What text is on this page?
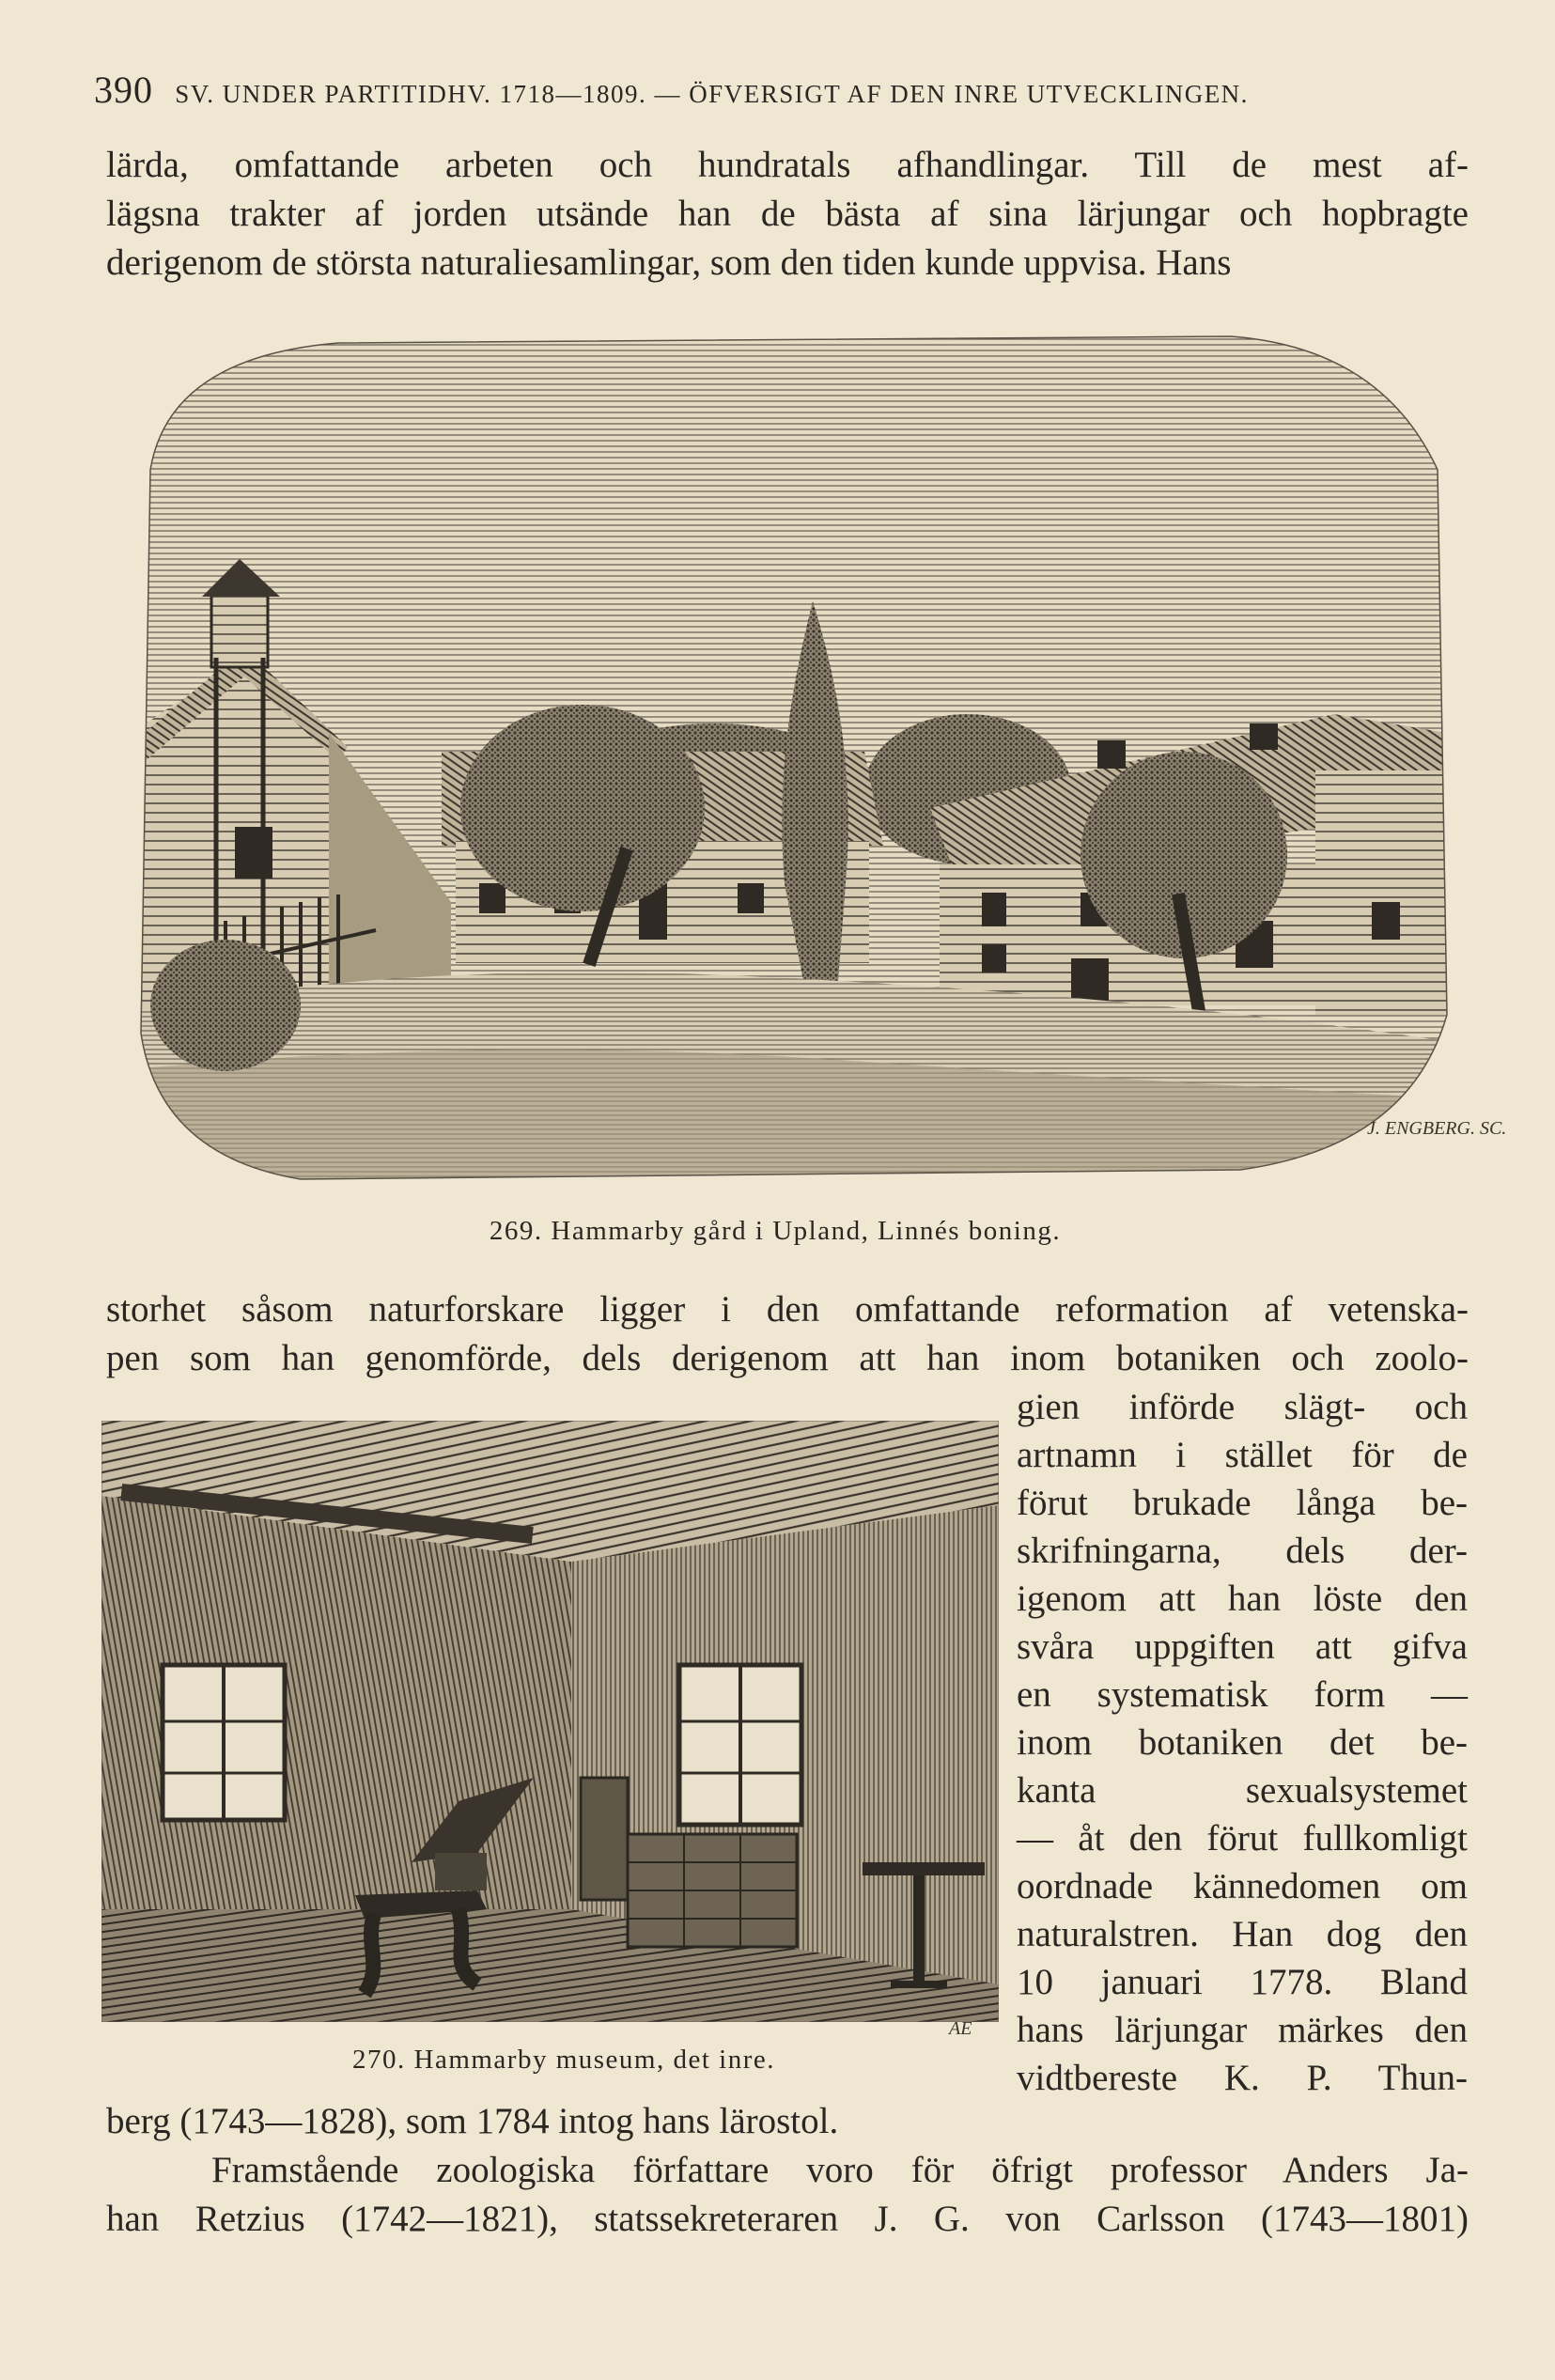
390 SV. UNDER PARTITIDHV. 1718—1809. — ÖFVERSIGT AF DEN INRE UTVECKLINGEN.
lärda, omfattande arbeten och hundratals afhandlingar. Till de mest af-
lägsna trakter af jorden utsände han de bästa af sina lärjungar och hopbragte
derigenom de största naturaliesamlingar, som den tiden kunde uppvisa. Hans
J. ENGBERG. SC.
269. Hammarby gård i Upland, Linnés boning.
storhet såsom naturforskare ligger i den omfattande reformation af vetenska-
pen som han genomförde, dels derigenom att han inom botaniken och zoolo-
AE
270. Hammarby museum, det inre.
gien införde slägt- och
artnamn i stället för de
förut brukade långa be-
skrifningarna, dels der-
igenom att han löste den
svåra uppgiften att gifva
en systematisk form —
inom botaniken det be-
kanta sexualsystemet
— åt den förut fullkomligt
oordnade kännedomen om
naturalstren. Han dog den
10 januari 1778. Bland
hans lärjungar märkes den
vidtbereste K. P. Thun-
berg (1743—1828), som 1784 intog hans lärostol.
Framstående zoologiska författare voro för öfrigt professor Anders Ja-
han Retzius (1742—1821), statssekreteraren J. G. von Carlsson (1743—1801)
